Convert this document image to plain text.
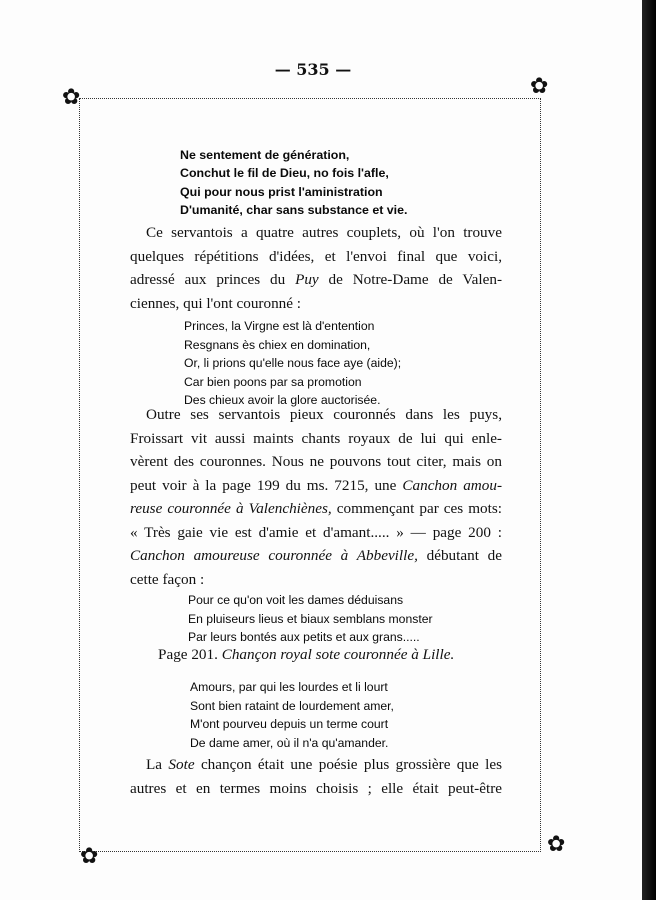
— 535 —
✿	✿
✿	✿
Ne sentement de génération,
Conchut le fil de Dieu, no fois l'afle,
Qui pour nous prist l'aministration
D'umanité, char sans substance et vie.
Ce servantois a quatre autres couplets, où l'on trouve
quelques répétitions d'idées, et l'envoi final que voici,
adressé aux princes du Puy de Notre-Dame de Valen-
ciennes, qui l'ont couronné :
Princes, la Virgne est là d'entention
Resgnans ès chiex en domination,
Or, li prions qu'elle nous face aye (aide);
Car bien poons par sa promotion
Des chieux avoir la glore auctorisée.
Outre ses servantois pieux couronnés dans les puys,
Froissart vit aussi maints chants royaux de lui qui enle-
vèrent des couronnes. Nous ne pouvons tout citer, mais on
peut voir à la page 199 du ms. 7215, une Canchon amou-
reuse couronnée à Valenchiènes, commençant par ces mots:
« Très gaie vie est d'amie et d'amant..... » — page 200 :
Canchon amoureuse couronnée à Abbeville, débutant de
cette façon :
Pour ce qu'on voit les dames déduisans
En pluiseurs lieus et biaux semblans monster
Par leurs bontés aux petits et aux grans.....
Page 201. Chançon royal sote couronnée à Lille.
Amours, par qui les lourdes et li lourt
Sont bien rataint de lourdement amer,
M'ont pourveu depuis un terme court
De dame amer, où il n'a qu'amander.
La Sote chançon était une poésie plus grossière que les
autres et en termes moins choisis ; elle était peut-être
